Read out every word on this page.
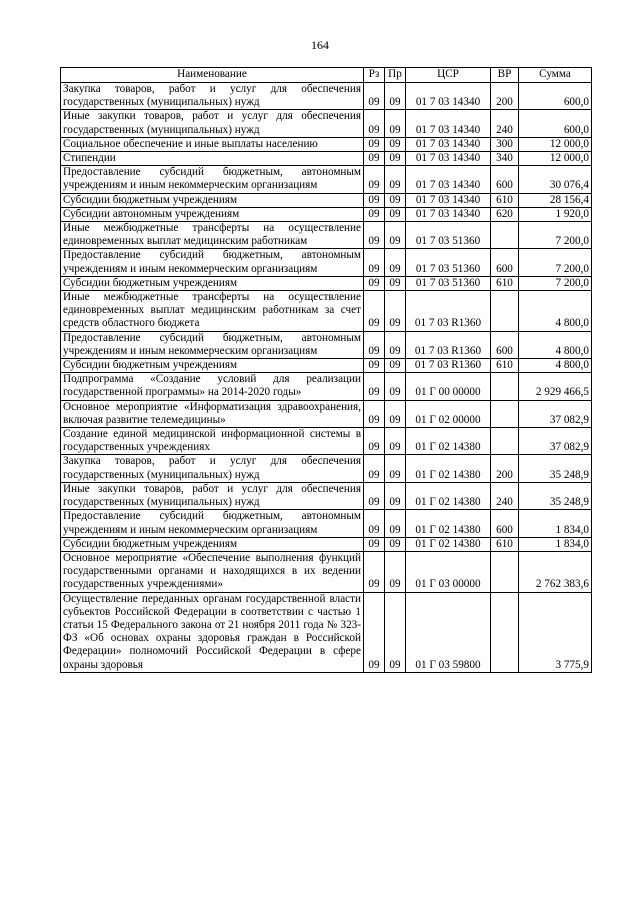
164
Наименование	Рз	Пр	ЦСР	ВР	Сумма
Закупка товаров, работ и услуг для обеспечения государственных (муниципальных) нужд	09	09	01 7 03 14340	200	600,0
Иные закупки товаров, работ и услуг для обеспечения государственных (муниципальных) нужд	09	09	01 7 03 14340	240	600,0
Социальное обеспечение и иные выплаты населению	09	09	01 7 03 14340	300	12 000,0
Стипендии	09	09	01 7 03 14340	340	12 000,0
Предоставление субсидий бюджетным, автономным учреждениям и иным некоммерческим организациям	09	09	01 7 03 14340	600	30 076,4
Субсидии бюджетным учреждениям	09	09	01 7 03 14340	610	28 156,4
Субсидии автономным учреждениям	09	09	01 7 03 14340	620	1 920,0
Иные межбюджетные трансферты на осуществление единовременных выплат медицинским работникам	09	09	01 7 03 51360		7 200,0
Предоставление субсидий бюджетным, автономным учреждениям и иным некоммерческим организациям	09	09	01 7 03 51360	600	7 200,0
Субсидии бюджетным учреждениям	09	09	01 7 03 51360	610	7 200,0
Иные межбюджетные трансферты на осуществление единовременных выплат медицинским работникам за счет средств областного бюджета	09	09	01 7 03 R1360		4 800,0
Предоставление субсидий бюджетным, автономным учреждениям и иным некоммерческим организациям	09	09	01 7 03 R1360	600	4 800,0
Субсидии бюджетным учреждениям	09	09	01 7 03 R1360	610	4 800,0
Подпрограмма «Создание условий для реализации государственной программы» на 2014-2020 годы»	09	09	01 Г 00 00000		2 929 466,5
Основное мероприятие «Информатизация здравоохранения, включая развитие телемедицины»	09	09	01 Г 02 00000		37 082,9
Создание единой медицинской информационной системы в государственных учреждениях	09	09	01 Г 02 14380		37 082,9
Закупка товаров, работ и услуг для обеспечения государственных (муниципальных) нужд	09	09	01 Г 02 14380	200	35 248,9
Иные закупки товаров, работ и услуг для обеспечения государственных (муниципальных) нужд	09	09	01 Г 02 14380	240	35 248,9
Предоставление субсидий бюджетным, автономным учреждениям и иным некоммерческим организациям	09	09	01 Г 02 14380	600	1 834,0
Субсидии бюджетным учреждениям	09	09	01 Г 02 14380	610	1 834,0
Основное мероприятие «Обеспечение выполнения функций государственными органами и находящихся в их ведении государственных учреждениями»	09	09	01 Г 03 00000		2 762 383,6
Осуществление переданных органам государственной власти субъектов Российской Федерации в соответствии с частью 1 статьи 15 Федерального закона от 21 ноября 2011 года № 323-ФЗ «Об основах охраны здоровья граждан в Российской Федерации» полномочий Российской Федерации в сфере охраны здоровья	09	09	01 Г 03 59800		3 775,9
